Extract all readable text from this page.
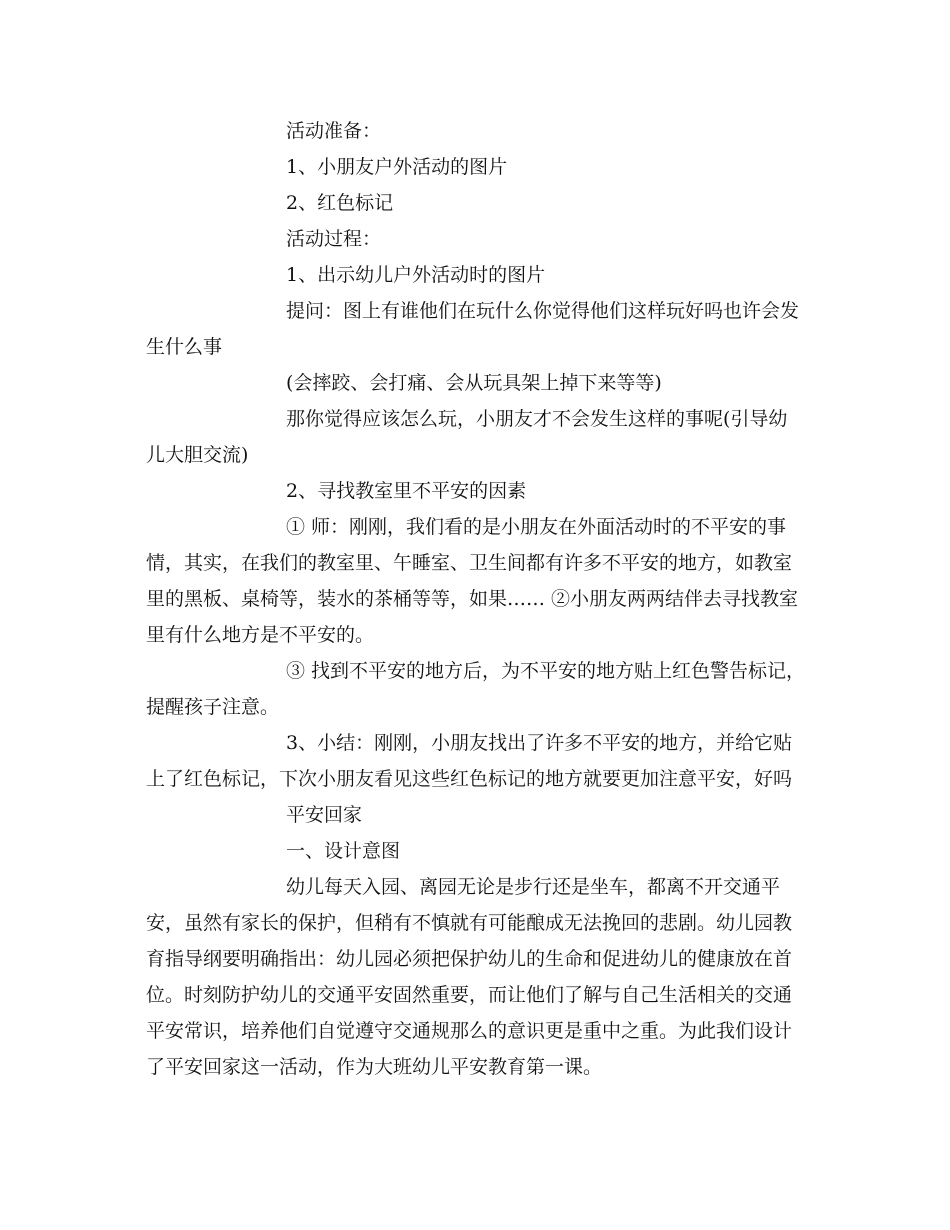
活动准备：

1、小朋友户外活动的图片

2、红色标记

活动过程：

1、出示幼儿户外活动时的图片

提问：图上有谁他们在玩什么你觉得他们这样玩好吗也许会发生什么事

(会摔跤、会打痛、会从玩具架上掉下来等等)

那你觉得应该怎么玩，小朋友才不会发生这样的事呢(引导幼儿大胆交流)

2、寻找教室里不平安的因素

① 师：刚刚，我们看的是小朋友在外面活动时的不平安的事情，其实，在我们的教室里、午睡室、卫生间都有许多不平安的地方，如教室里的黑板、桌椅等，装水的茶桶等等，如果…… ②小朋友两两结伴去寻找教室里有什么地方是不平安的。

③ 找到不平安的地方后，为不平安的地方贴上红色警告标记，提醒孩子注意。

3、小结：刚刚，小朋友找出了许多不平安的地方，并给它贴上了红色标记，下次小朋友看见这些红色标记的地方就要更加注意平安，好吗

平安回家

一、设计意图

幼儿每天入园、离园无论是步行还是坐车，都离不开交通平安，虽然有家长的保护，但稍有不慎就有可能酿成无法挽回的悲剧。幼儿园教育指导纲要明确指出：幼儿园必须把保护幼儿的生命和促进幼儿的健康放在首位。时刻防护幼儿的交通平安固然重要，而让他们了解与自己生活相关的交通平安常识，培养他们自觉遵守交通规那么的意识更是重中之重。为此我们设计了平安回家这一活动，作为大班幼儿平安教育第一课。
